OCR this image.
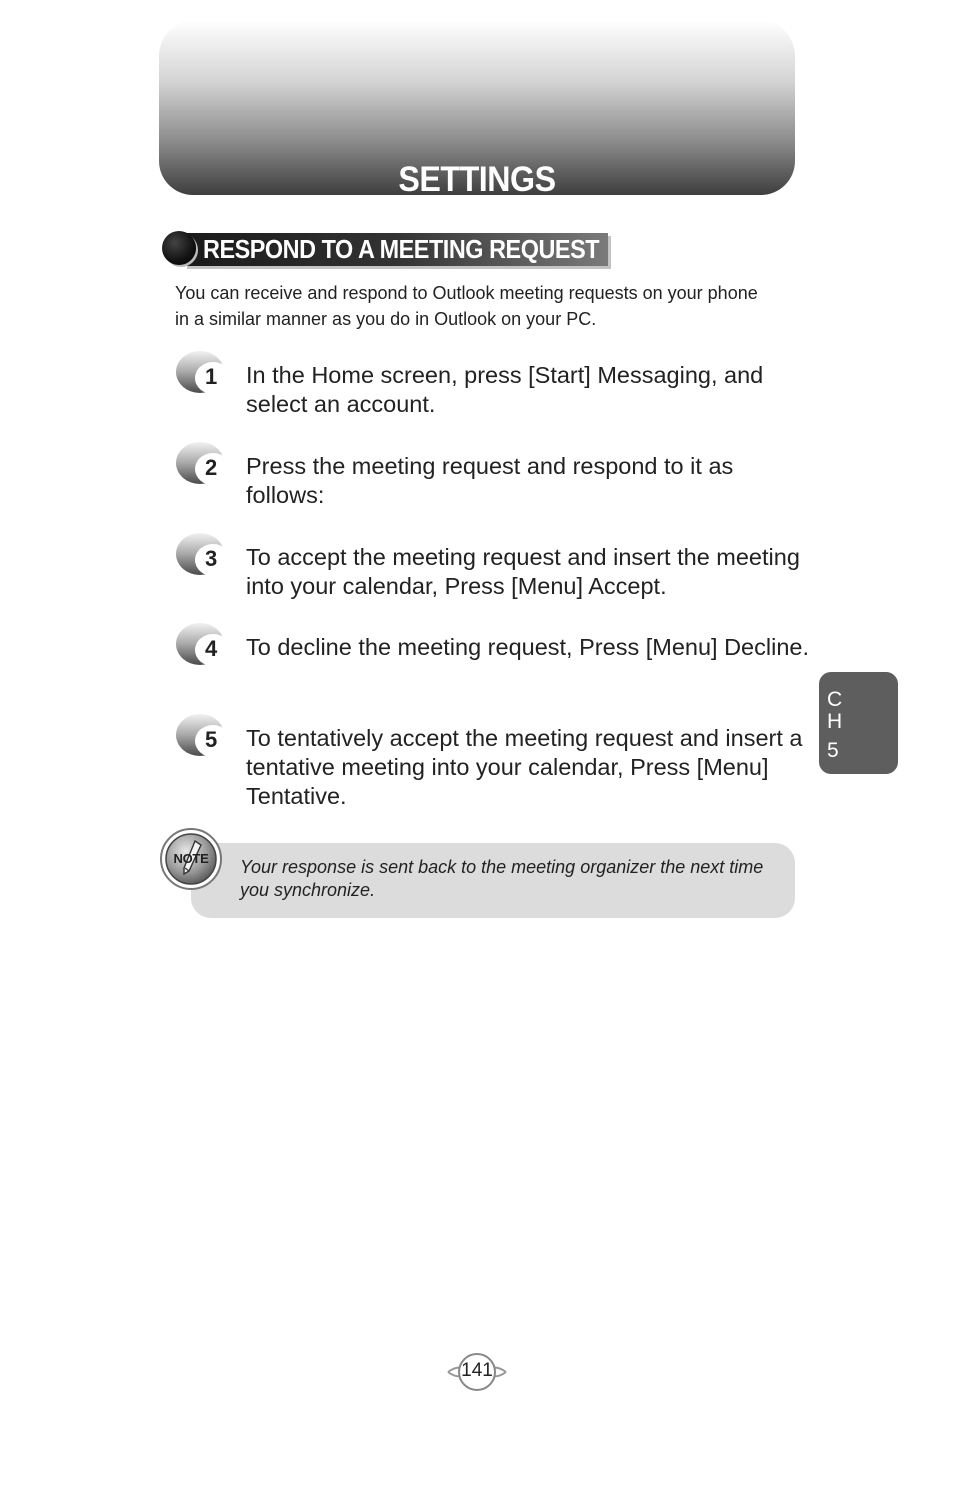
SETTINGS
RESPOND TO A MEETING REQUEST
You can receive and respond to Outlook meeting requests on your phone in a similar manner as you do in Outlook on your PC.
1 In the Home screen, press [Start] Messaging, and select an account.
2 Press the meeting request and respond to it as follows:
3 To accept the meeting request and insert the meeting into your calendar, Press [Menu] Accept.
4 To decline the meeting request, Press [Menu] Decline.
5 To tentatively accept the meeting request and insert a tentative meeting into your calendar, Press [Menu] Tentative.
C
H
5
NOTE	Your response is sent back to the meeting organizer the next time you synchronize.
141
